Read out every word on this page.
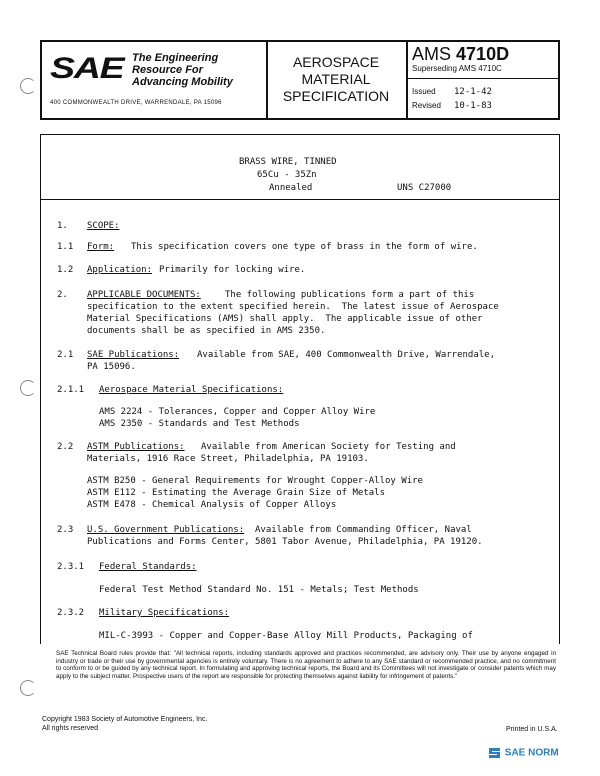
SAE The Engineering
Resource For
Advancing Mobility
400 COMMONWEALTH DRIVE, WARRENDALE, PA 15096
AEROSPACE
MATERIAL
SPECIFICATION
AMS 4710D
Superseding AMS 4710C
Issued 12-1-42
Revised 10-1-83
BRASS WIRE, TINNED
65Cu - 35Zn
Annealed	UNS C27000
1. SCOPE:
1.1 Form: This specification covers one type of brass in the form of wire.
1.2 Application: Primarily for locking wire.
2. APPLICABLE DOCUMENTS:	The following publications form a part of this
specification to the extent specified herein.  The latest issue of Aerospace
Material Specifications (AMS) shall apply.  The applicable issue of other
documents shall be as specified in AMS 2350.
2.1 SAE Publications: Available from SAE, 400 Commonwealth Drive, Warrendale,
PA 15096.
2.1.1 Aerospace Material Specifications:
AMS 2224 - Tolerances, Copper and Copper Alloy Wire
AMS 2350 - Standards and Test Methods
2.2 ASTM Publications: Available from American Society for Testing and
Materials, 1916 Race Street, Philadelphia, PA 19103.
ASTM B250 - General Requirements for Wrought Copper-Alloy Wire
ASTM E112 - Estimating the Average Grain Size of Metals
ASTM E478 - Chemical Analysis of Copper Alloys
2.3 U.S. Government Publications: Available from Commanding Officer, Naval
Publications and Forms Center, 5801 Tabor Avenue, Philadelphia, PA 19120.
2.3.1 Federal Standards:
Federal Test Method Standard No. 151 - Metals; Test Methods
2.3.2 Military Specifications:
MIL-C-3993 - Copper and Copper-Base Alloy Mill Products, Packaging of
SAE Technical Board rules provide that: "All technical reports, including standards approved and practices recommended, are advisory only. Their use by anyone engaged in industry or trade or their use by governmental agencies is entirely voluntary. There is no agreement to adhere to any SAE standard or recommended practice, and no commitment to conform to or be guided by any technical report. In formulating and approving technical reports, the Board and its Committees will not investigate or consider patents which may apply to the subject matter. Prospective users of the report are responsible for protecting themselves against liability for infringement of patents."
Copyright 1983 Society of Automotive Engineers, Inc.
All rights reserved	Printed in U.S.A.
SAE NORM
